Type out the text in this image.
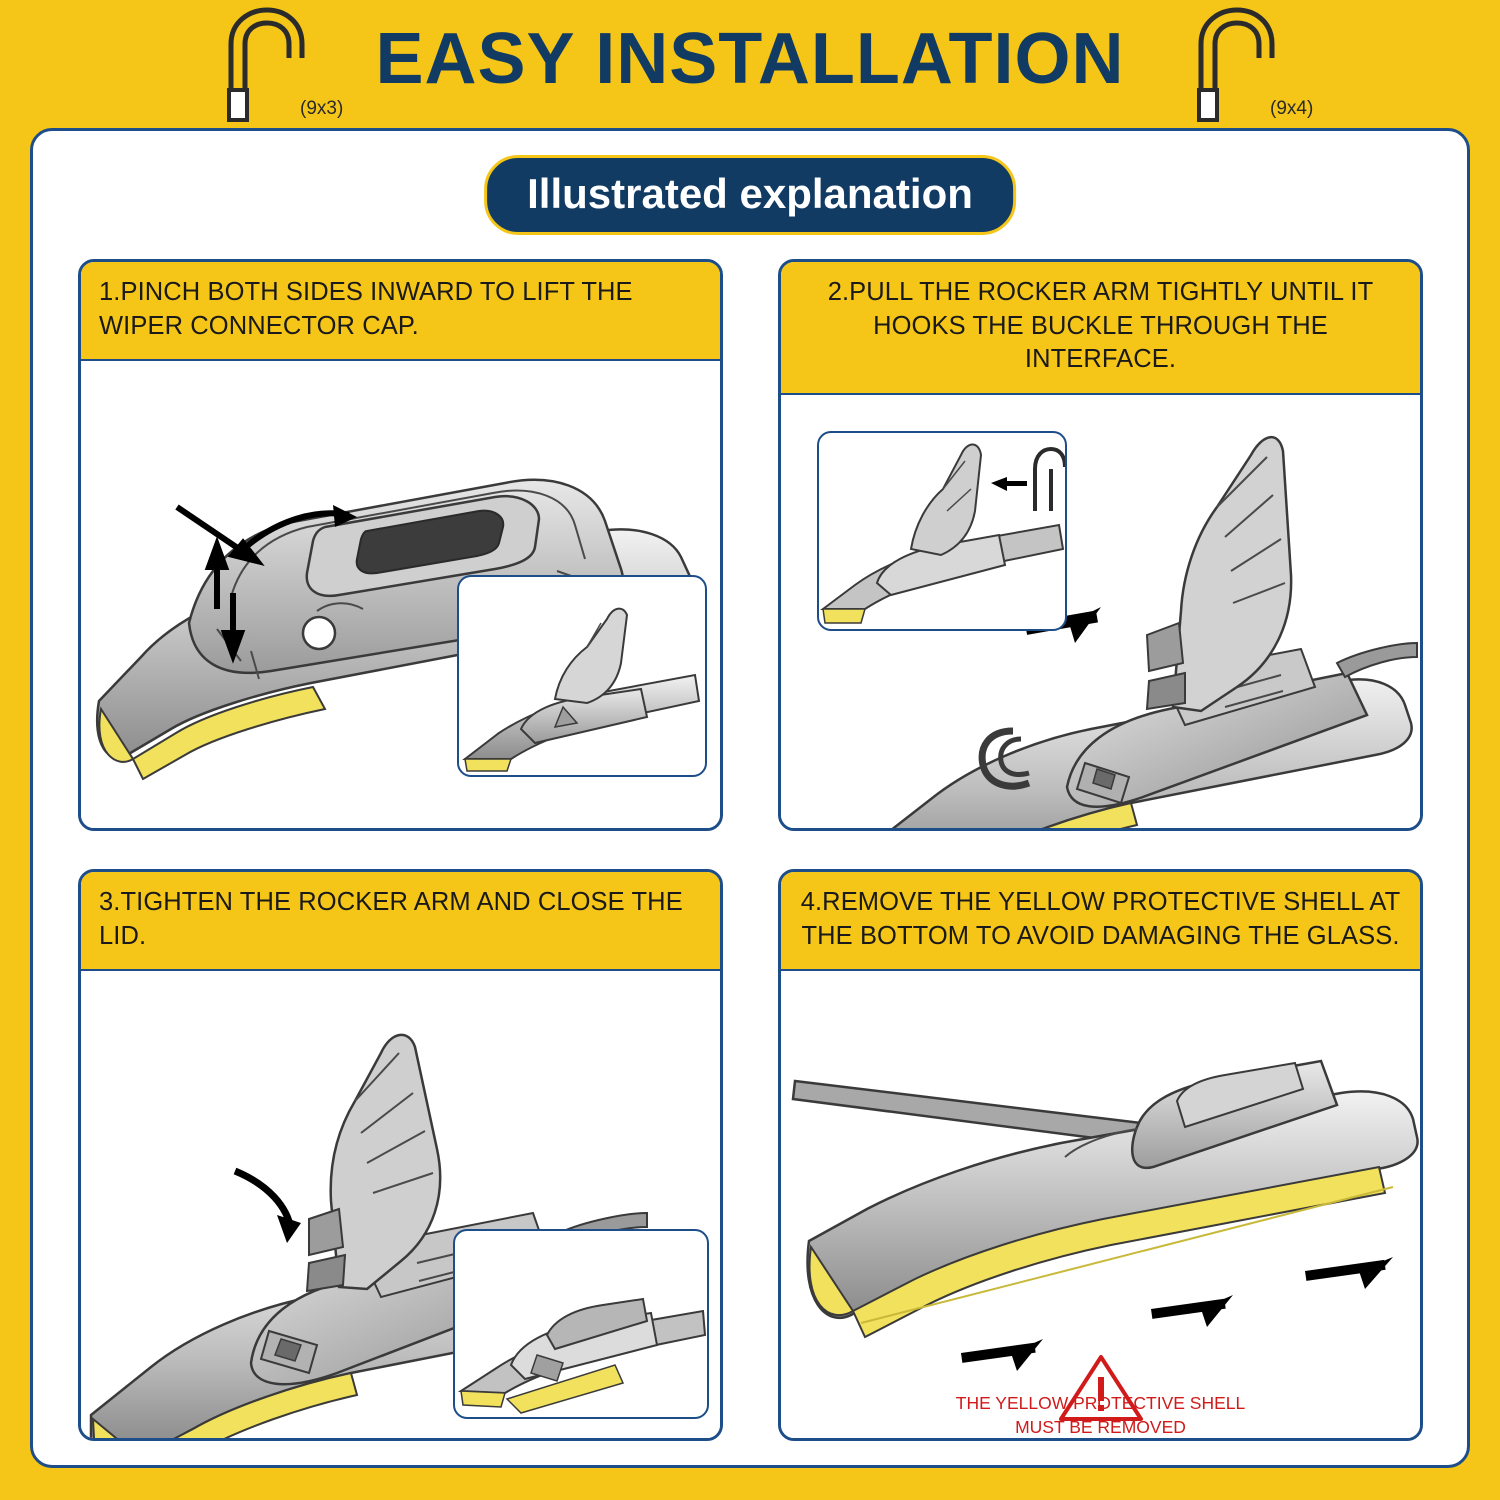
(9x3)	(9x4)
EASY INSTALLATION
Illustrated explanation
1.PINCH BOTH SIDES INWARD TO LIFT THE WIPER CONNECTOR CAP.
2.PULL THE ROCKER ARM TIGHTLY UNTIL IT HOOKS THE BUCKLE THROUGH THE INTERFACE.
3.TIGHTEN THE ROCKER ARM AND CLOSE THE LID.
4.REMOVE THE YELLOW PROTECTIVE SHELL AT THE BOTTOM TO AVOID DAMAGING THE GLASS.
THE YELLOW PROTECTIVE SHELL
MUST BE REMOVED
